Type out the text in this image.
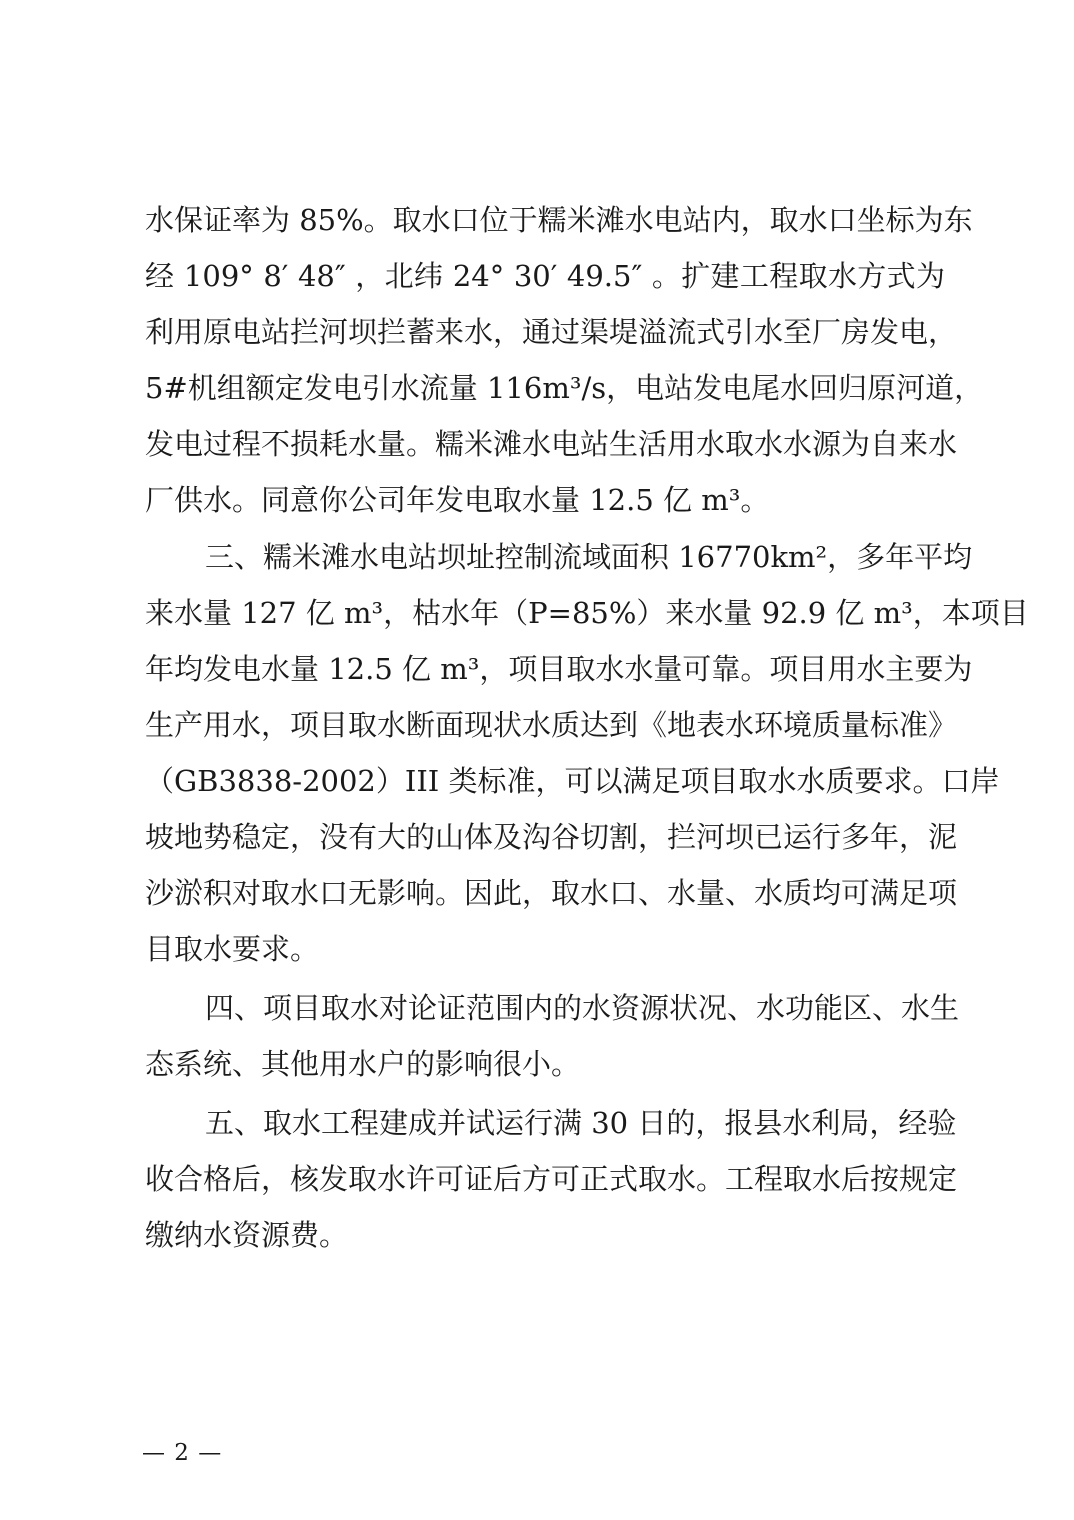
水保证率为 85%。取水口位于糯米滩水电站内，取水口坐标为东
经 109° 8′ 48″ ，北纬 24° 30′ 49.5″ 。扩建工程取水方式为
利用原电站拦河坝拦蓄来水，通过渠堤溢流式引水至厂房发电，
5#机组额定发电引水流量 116m³/s，电站发电尾水回归原河道，
发电过程不损耗水量。糯米滩水电站生活用水取水水源为自来水
厂供水。同意你公司年发电取水量 12.5 亿 m³。
三、糯米滩水电站坝址控制流域面积 16770km²，多年平均
来水量 127 亿 m³，枯水年（P=85%）来水量 92.9 亿 m³，本项目
年均发电水量 12.5 亿 m³，项目取水水量可靠。项目用水主要为
生产用水，项目取水断面现状水质达到《地表水环境质量标准》
（GB3838-2002）III 类标准，可以满足项目取水水质要求。口岸
坡地势稳定，没有大的山体及沟谷切割，拦河坝已运行多年，泥
沙淤积对取水口无影响。因此，取水口、水量、水质均可满足项
目取水要求。
四、项目取水对论证范围内的水资源状况、水功能区、水生
态系统、其他用水户的影响很小。
五、取水工程建成并试运行满 30 日的，报县水利局，经验
收合格后，核发取水许可证后方可正式取水。工程取水后按规定
缴纳水资源费。
— 2 —
